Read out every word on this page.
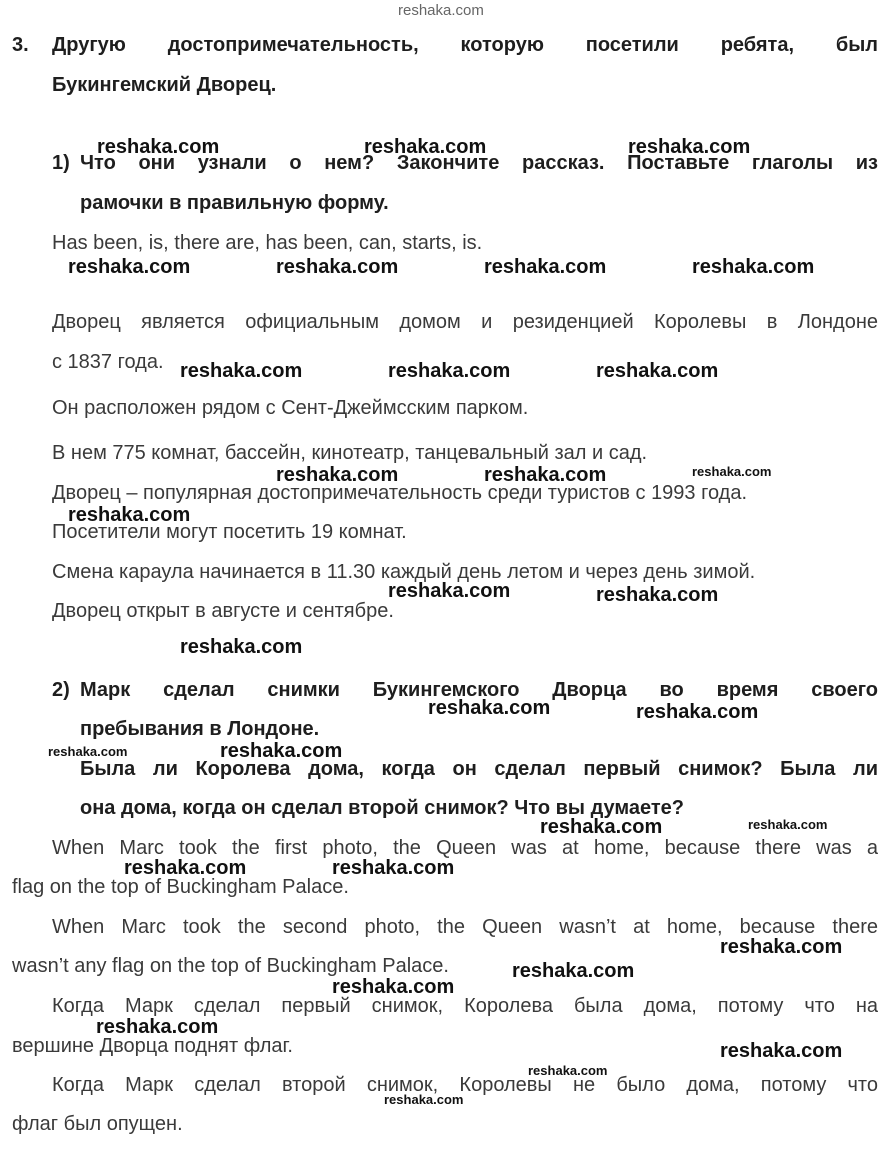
reshaka.com
3. Другую достопримечательность, которую посетили ребята, был
Букингемский Дворец.
1) Что они узнали о нем? Закончите рассказ. Поставьте глаголы из
рамочки в правильную форму.
Has been, is, there are, has been, can, starts, is.
Дворец является официальным домом и резиденцией Королевы в Лондоне
с 1837 года.
Он расположен рядом с Сент-Джеймсским парком.
В нем 775 комнат, бассейн, кинотеатр, танцевальный зал и сад.
Дворец – популярная достопримечательность среди туристов с 1993 года.
Посетители могут посетить 19 комнат.
Смена караула начинается в 11.30 каждый день летом и через день зимой.
Дворец открыт в августе и сентябре.
2) Марк сделал снимки Букингемского Дворца во время своего
пребывания в Лондоне.
Была ли Королева дома, когда он сделал первый снимок? Была ли
она дома, когда он сделал второй снимок? Что вы думаете?
When Marc took the first photo, the Queen was at home, because there was a
flag on the top of Buckingham Palace.
When Marc took the second photo, the Queen wasn’t at home, because there
wasn’t any flag on the top of Buckingham Palace.
Когда Марк сделал первый снимок, Королева была дома, потому что на
вершине Дворца поднят флаг.
Когда Марк сделал второй снимок, Королевы не было дома, потому что
флаг был опущен.
reshaka.com	reshaka.com	reshaka.com
reshaka.com	reshaka.com	reshaka.com	reshaka.com
reshaka.com	reshaka.com	reshaka.com
reshaka.com	reshaka.com	reshaka.com
reshaka.com
reshaka.com	reshaka.com
reshaka.com
reshaka.com	reshaka.com
reshaka.com	reshaka.com
reshaka.com	reshaka.com
reshaka.com	reshaka.com
reshaka.com
reshaka.com
reshaka.com
reshaka.com
reshaka.com
reshaka.com
reshaka.com
